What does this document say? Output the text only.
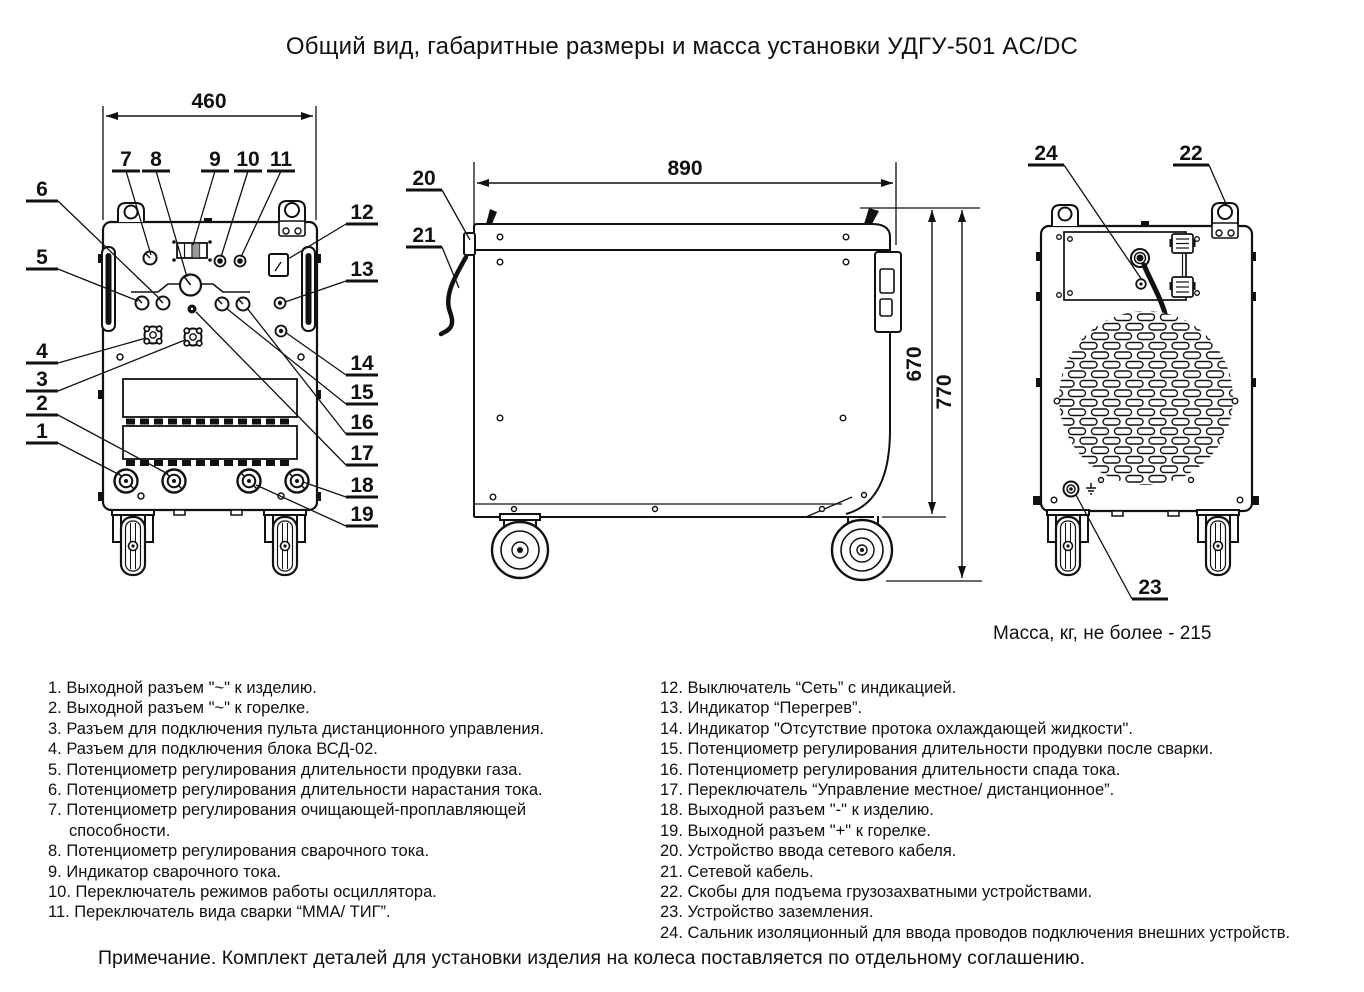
460
7 8 9 10 11
6
5
4
3
2
1
12
13
14
15
16
17
18
19
890
670
770
20
21
24	22
23
Общий вид, габаритные размеры и масса установки УДГУ-501 AC/DC
Масса, кг, не более - 215
1. Выходной разъем "~" к изделию.
2. Выходной разъем "~" к горелке.
3. Разъем для подключения пульта дистанционного управления.
4. Разъем для подключения блока ВСД-02.
5. Потенциометр регулирования длительности продувки газа.
6. Потенциометр регулирования длительности нарастания тока.
7. Потенциометр регулирования очищающей-проплавляющей способности.
8. Потенциометр регулирования сварочного тока.
9. Индикатор сварочного тока.
10. Переключатель режимов работы осциллятора.
11. Переключатель вида сварки “ММА/ ТИГ”.
12. Выключатель “Сеть” с индикацией.
13. Индикатор “Перегрев”.
14. Индикатор "Отсутствие протока охлаждающей жидкости".
15. Потенциометр регулирования длительности продувки после сварки.
16. Потенциометр регулирования длительности спада тока.
17. Переключатель “Управление местное/ дистанционное”.
18. Выходной разъем "-" к изделию.
19. Выходной разъем "+" к горелке.
20. Устройство ввода сетевого кабеля.
21. Сетевой кабель.
22. Скобы для подъема грузозахватными устройствами.
23. Устройство заземления.
24. Сальник изоляционный для ввода проводов подключения внешних устройств.
Примечание. Комплект деталей для установки изделия на колеса поставляется по отдельному соглашению.
